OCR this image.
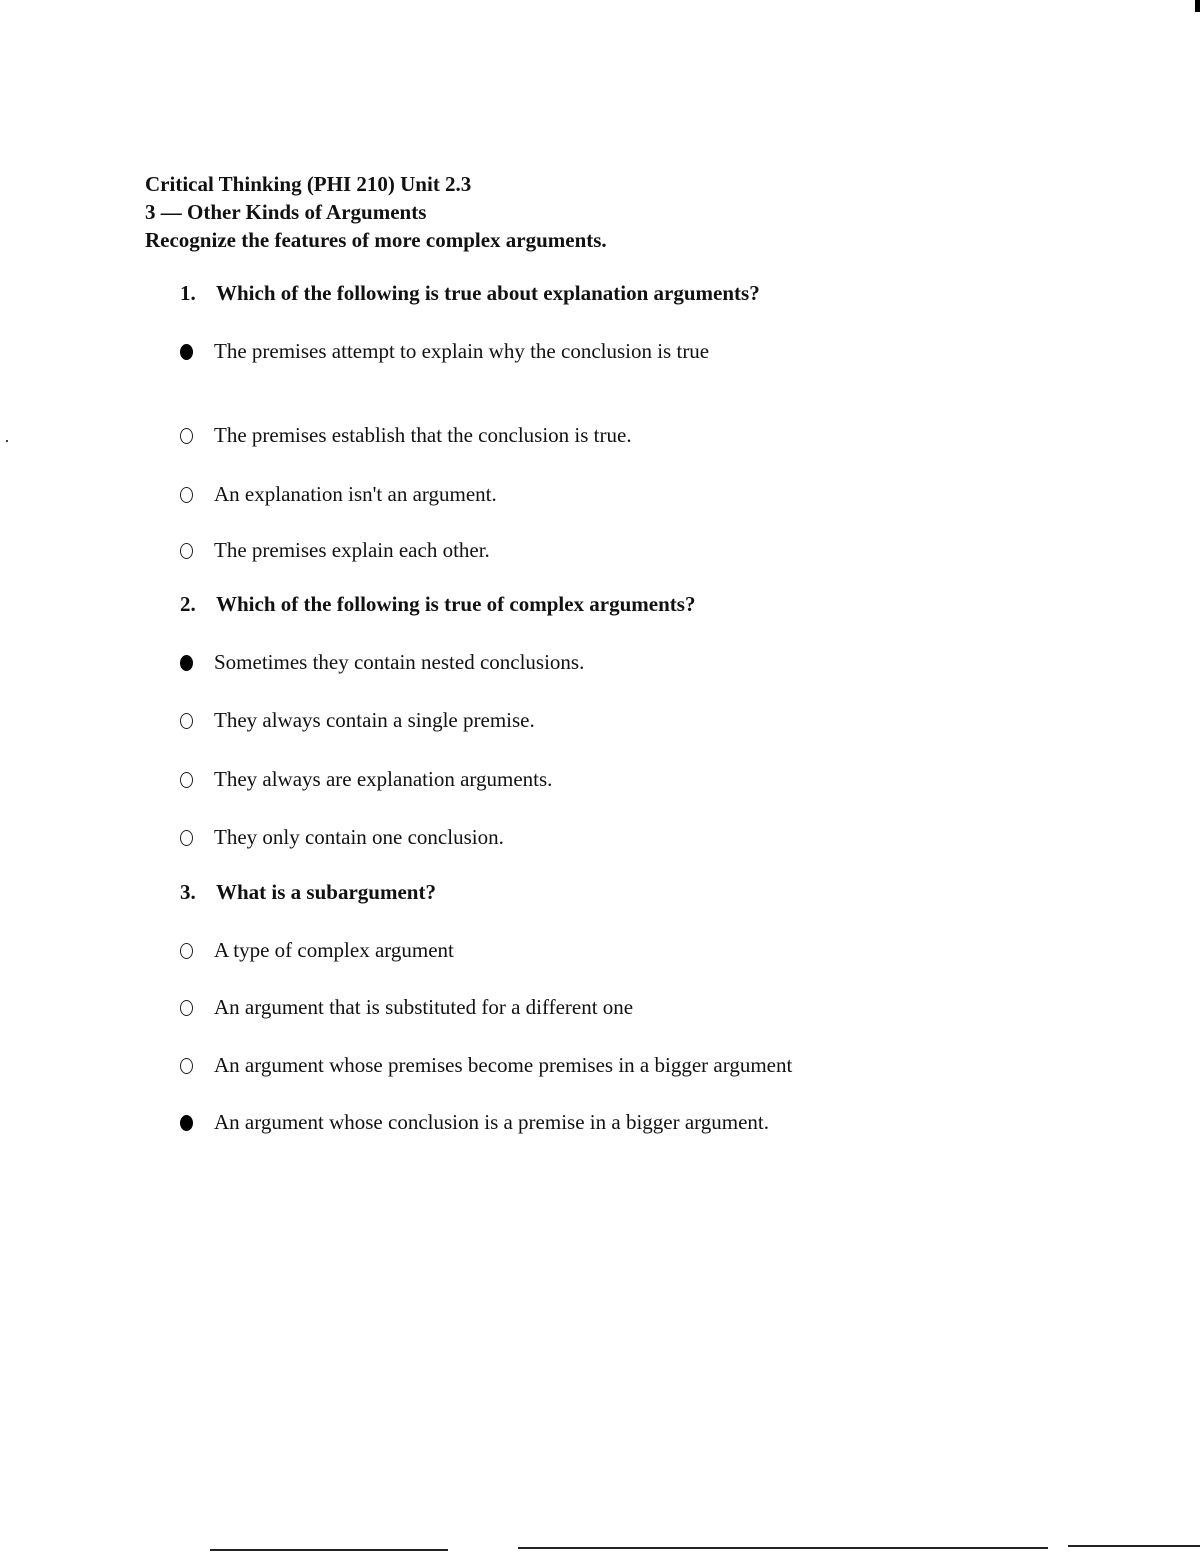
Critical Thinking (PHI 210) Unit 2.3
3 — Other Kinds of Arguments
Recognize the features of more complex arguments.
1. Which of the following is true about explanation arguments?
The premises attempt to explain why the conclusion is true
The premises establish that the conclusion is true.
An explanation isn't an argument.
The premises explain each other.
2. Which of the following is true of complex arguments?
Sometimes they contain nested conclusions.
They always contain a single premise.
They always are explanation arguments.
They only contain one conclusion.
3. What is a subargument?
A type of complex argument
An argument that is substituted for a different one
An argument whose premises become premises in a bigger argument
An argument whose conclusion is a premise in a bigger argument.
